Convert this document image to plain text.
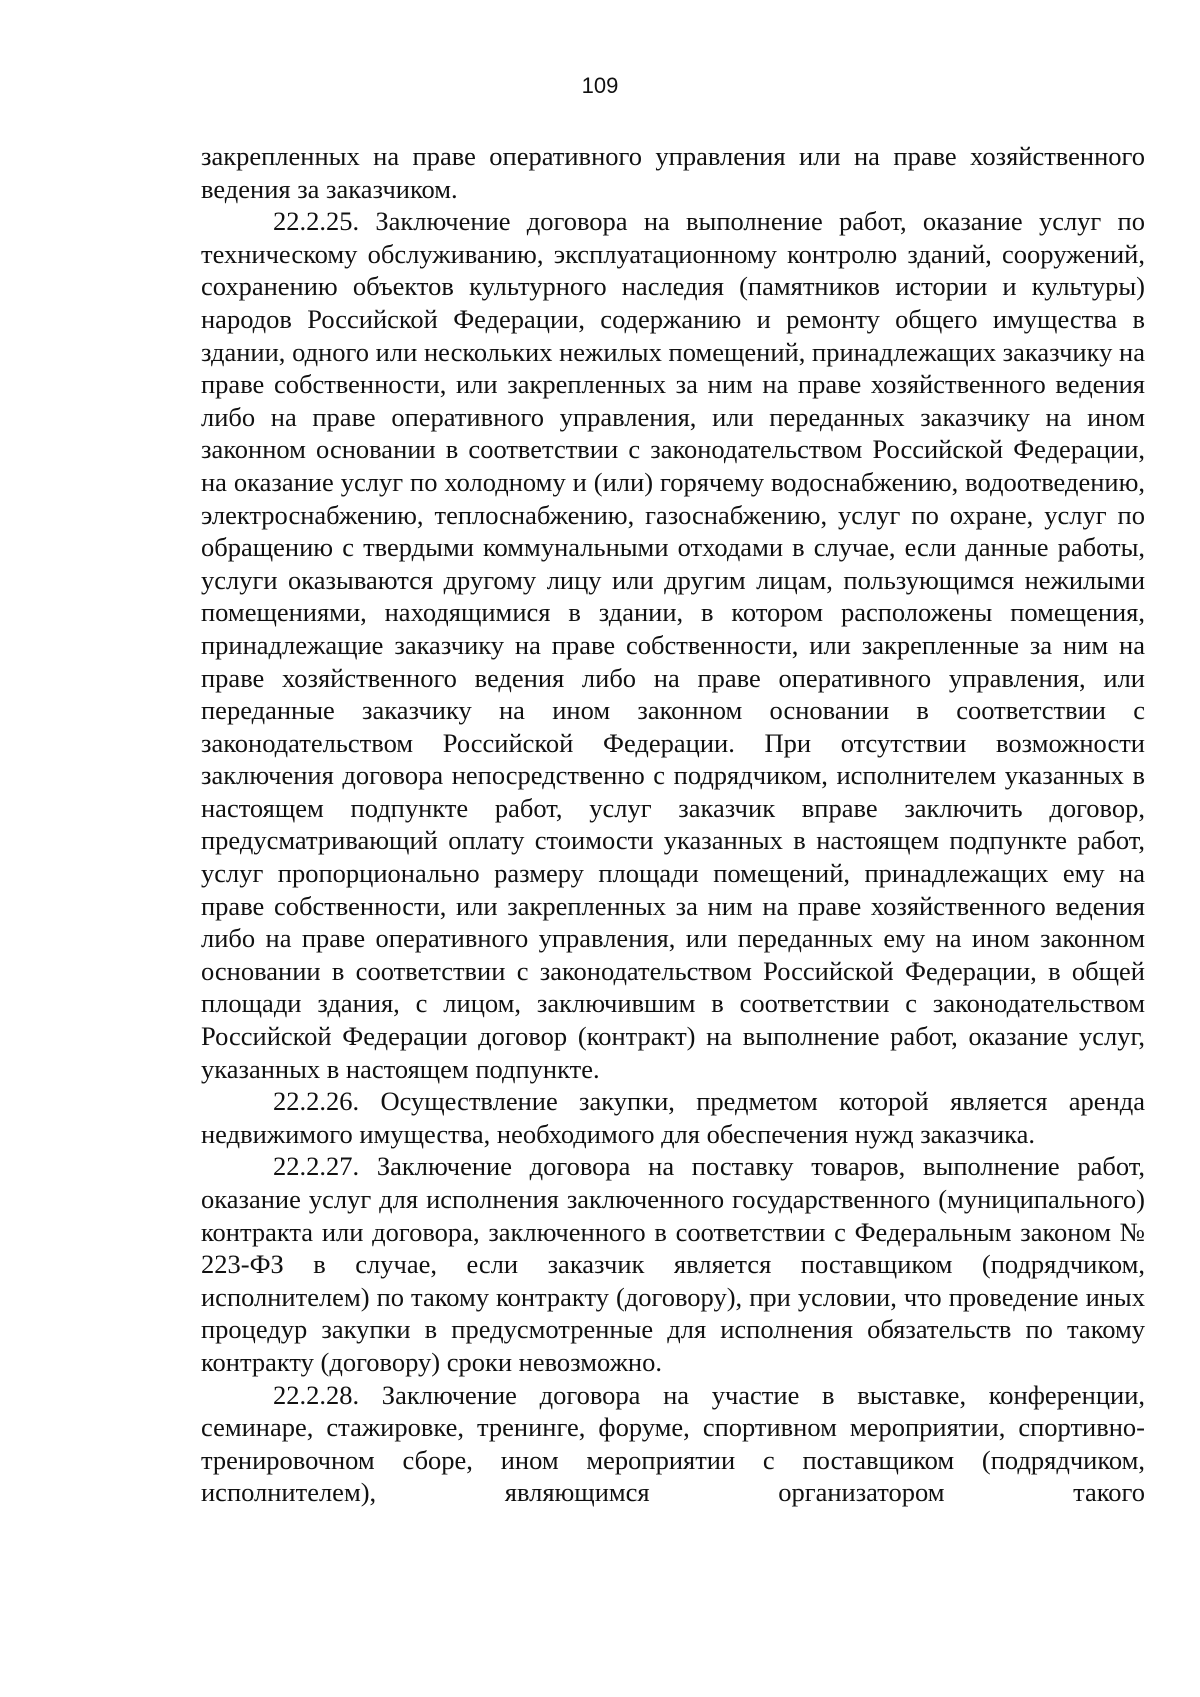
109

закрепленных на праве оперативного управления или на праве хозяйственного ведения за заказчиком.

22.2.25. Заключение договора на выполнение работ, оказание услуг по техническому обслуживанию, эксплуатационному контролю зданий, сооружений, сохранению объектов культурного наследия (памятников истории и культуры) народов Российской Федерации, содержанию и ремонту общего имущества в здании, одного или нескольких нежилых помещений, принадлежащих заказчику на праве собственности, или закрепленных за ним на праве хозяйственного ведения либо на праве оперативного управления, или переданных заказчику на ином законном основании в соответствии с законодательством Российской Федерации, на оказание услуг по холодному и (или) горячему водоснабжению, водоотведению, электроснабжению, теплоснабжению, газоснабжению, услуг по охране, услуг по обращению с твердыми коммунальными отходами в случае, если данные работы, услуги оказываются другому лицу или другим лицам, пользующимся нежилыми помещениями, находящимися в здании, в котором расположены помещения, принадлежащие заказчику на праве собственности, или закрепленные за ним на праве хозяйственного ведения либо на праве оперативного управления, или переданные заказчику на ином законном основании в соответствии с законодательством Российской Федерации. При отсутствии возможности заключения договора непосредственно с подрядчиком, исполнителем указанных в настоящем подпункте работ, услуг заказчик вправе заключить договор, предусматривающий оплату стоимости указанных в настоящем подпункте работ, услуг пропорционально размеру площади помещений, принадлежащих ему на праве собственности, или закрепленных за ним на праве хозяйственного ведения либо на праве оперативного управления, или переданных ему на ином законном основании в соответствии с законодательством Российской Федерации, в общей площади здания, с лицом, заключившим в соответствии с законодательством Российской Федерации договор (контракт) на выполнение работ, оказание услуг, указанных в настоящем подпункте.

22.2.26. Осуществление закупки, предметом которой является аренда недвижимого имущества, необходимого для обеспечения нужд заказчика.

22.2.27. Заключение договора на поставку товаров, выполнение работ, оказание услуг для исполнения заключенного государственного (муниципального) контракта или договора, заключенного в соответствии с Федеральным законом № 223-ФЗ в случае, если заказчик является поставщиком (подрядчиком, исполнителем) по такому контракту (договору), при условии, что проведение иных процедур закупки в предусмотренные для исполнения обязательств по такому контракту (договору) сроки невозможно.

22.2.28. Заключение договора на участие в выставке, конференции, семинаре, стажировке, тренинге, форуме, спортивном мероприятии, спортивно-тренировочном сборе, ином мероприятии с поставщиком (подрядчиком, исполнителем), являющимся организатором такого
